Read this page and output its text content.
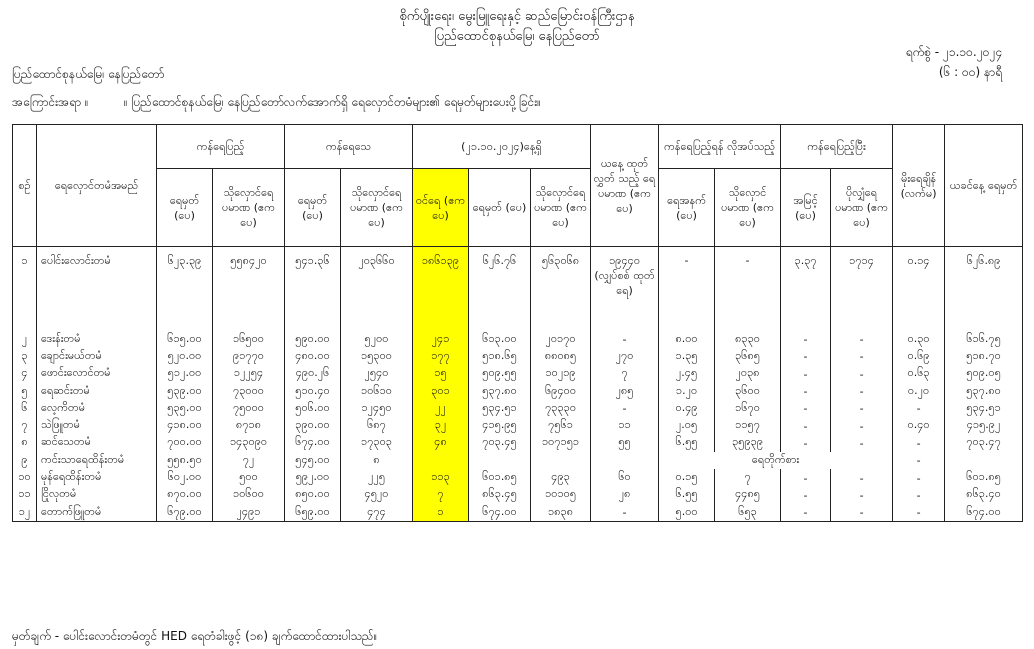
စိုက်ပျိုးရေး၊ မွေးမြူရေးနှင့် ဆည်မြောင်းဝန်ကြီးဌာန
ပြည်ထောင်စုနယ်မြေ၊ နေပြည်တော်
ရက်စွဲ - ၂၁.၁၀.၂၀၂၄
(၆ : ၀၀) နာရီ
ပြည်ထောင်စုနယ်မြေ၊ နေပြည်တော်
အကြောင်းအရာ ။	။ ပြည်ထောင်စုနယ်မြေ၊ နေပြည်တော်လက်အောက်ရှိ ရေလှောင်တမံများ၏ ရေမှတ်များပေးပို့ခြင်း။
စဉ်	ရေလှောင်တမံအမည်	ကန်ရေပြည့်		ကန်ရေသေ		(၂၁.၁၀.၂၀၂၄)နေ့ရှိ			ယနေ့ ထုတ်လွှတ် သည့် ရေပမာဏ (ဧကပေ)	ကန်ရေပြည့်ရန် လိုအပ်သည့်		ကန်ရေပြည့်ပြီး		မိုးရေချိန် (လက်မ)	ယခင်နေ့ ရေမှတ်
		ရေမှတ် (ပေ)	သိုလှောင်ရေ ပမာဏ (ဧကပေ)	ရေမှတ် (ပေ)	သိုလှောင်ရေ ပမာဏ (ဧကပေ)	ဝင်ရေ (ဧကပေ)	ရေမှတ် (ပေ)	သိုလှောင်ရေ ပမာဏ (ဧကပေ)		ရေအနက် (ပေ)	သိုလှောင် ပမာဏ (ဧကပေ)	အမြင့် (ပေ)	ပိုလျှံရေ ပမာဏ (ဧကပေ)		
၁	ပေါင်းလောင်းတမံ	၆၂၃.၃၉	၅၅၈၄၂၀	၅၄၁.၃၆	၂၀၃၆၆၀	၁၈၆၁၃၉	၆၂၆.၇၆	၅၆၃၀၆၈	၁၉၄၄၀ (လျှပ်စစ် ထုတ်ရေ)	-	-	၃.၃၇	၁၇၁၄	၀.၁၄	၆၂၆.၈၉

၂	ဒေးန်းတမံ	၆၁၅.၀၀	၁၆၅၀၀	၅၉၀.၀၀	၅၂၀၀	၂၄၁	၆၁၃.၀၀	၂၀၁၇၀	-	၈.၀၀	၈၃၃၀	-	-	၀.၃၀	၆၁၆.၇၅
၃	ချောင်းမယ်တမံ	၅၂၀.၀၀	၉၁၇၇၀	၄၈၀.၀၀	၁၅၃၀၀	၁၇၇	၅၁၈.၆၅	၈၈၀၈၅	၂၇၀	၁.၃၅	၃၆၈၅	-	-	၀.၆၉	၅၁၈.၇၀
၄	ဖောင်းလောင်တမံ	၅၁၂.၀၀	၁၂၂၅၄	၄၉၀.၂၆	၂၅၄၀	၁၅	၅၀၉.၅၅	၁၀၂၁၉	၇	၂.၄၅	၂၀၃၈	-	-	၀.၆၃	၅၀၉.၀၅
၅	ရေဆင်းတမံ	၅၃၉.၀၀	၇၃၀၀၀	၅၁၀.၄၀	၁၀၆၁၀	၃၀၁	၅၃၇.၈၀	၆၉၄၀၀	၂၈၅	၁.၂၀	၃၆၀၀	-	-	၀.၂၀	၅၃၇.၈၀
၆	လေ့ကိတမံ	၅၃၅.၀၀	၇၅၀၀၀	၅၀၆.၀၀	၁၂၄၅၀	၂၂	၅၃၄.၅၁	၇၃၃၃၀	-	၀.၄၉	၁၆၇၀	-	-	-	၅၃၄.၅၁
၇	သဲဖြူတမံ	၄၁၈.၀၀	၈၇၁၈	၃၉၀.၀၀	၆၈၇	၃၂	၄၁၅.၉၅	၇၅၆၁	၁၁	၂.၀၅	၁၁၅၇	-	-	၀.၄၀	၄၁၅.၉၂
၈	ဆင်သေတမံ	၇၀၀.၀၀	၁၄၃၀၉၀	၆၇၄.၀၀	၁၇၃၀၃	၄၈	၇၀၃.၄၅	၁၀၇၁၅၁	၅၅	၆.၅၅	၃၅၉၃၉	-	-	-	၇၀၃.၄၇
၉	ကင်းသာရေထိန်းတမံ	၅၅၈.၅၀	၇၂	၅၄၅.၀၀	၈					ရေတိုက်စား				-	
၁၀	မုန်ရေထိန်းတမံ	၆၀၂.၀၀	၅၀၀	၅၉၂.၀၀	၂၂၅	၁၁၃	၆၀၁.၈၅	၄၉၃	၆၀	၀.၁၅	၇	-	-	-	၆၀၁.၈၅
၁၁	ငြိုလုတမံ	၈၇၀.၀၀	၁၀၆၀၀	၈၅၀.၀၀	၄၅၂၀	၇	၈၆၃.၄၅	၁၀၁၀၅	၂၈	၆.၅၅	၄၄၈၅	-	-	-	၈၆၃.၄၀
၁၂	တောက်ဖြူတမံ	၆၇၉.၀၀	၂၄၉၁	၆၅၉.၀၀	၄၇၄	၁	၆၇၄.၀၀	၁၈၃၈	-	၅.၀၀	၆၅၃	-	-	-	၆၇၄.၀၀
မှတ်ချက် - ပေါင်းလောင်းတမံတွင် HED ရေတံခါးဖွင့် (၁၈) ချက်ထောင်ထားပါသည်။
